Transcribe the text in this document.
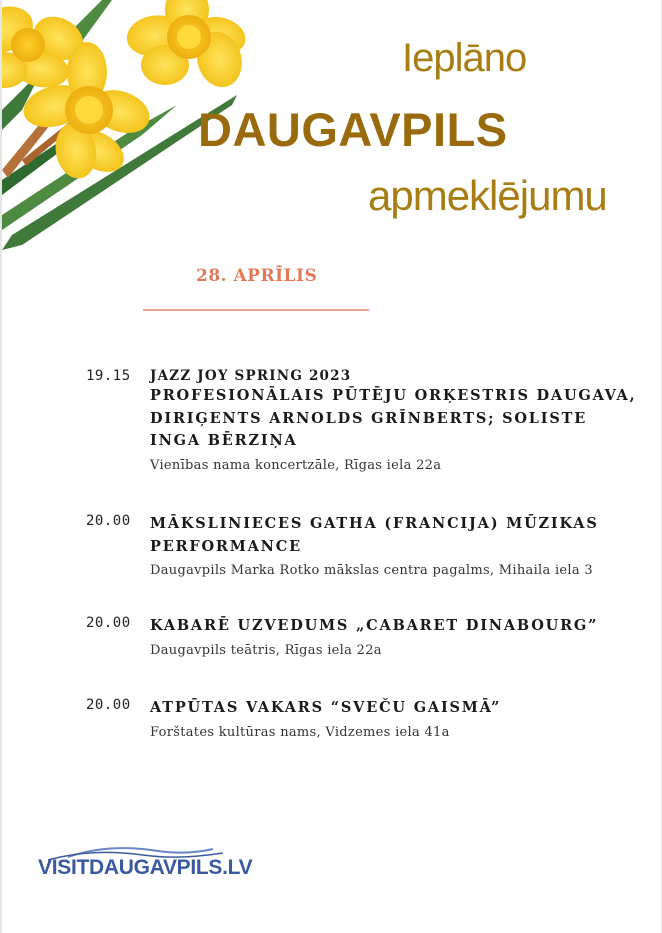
Ieplāno
DAUGAVPILS
apmeklējumu
28. APRĪLIS
19.15	JAZZ JOY SPRING 2023
PROFESIONĀLAIS PŪTĒJU ORĶESTRIS DAUGAVA, DIRIĢENTS ARNOLDS GRĪNBERTS; SOLISTE INGA BĒRZIŅA
Vienības nama koncertzāle, Rīgas iela 22a
20.00	MĀKSLINIECES GATHA (FRANCIJA) MŪZIKAS PERFORMANCE
Daugavpils Marka Rotko mākslas centra pagalms, Mihaila iela 3
20.00	KABARĒ UZVEDUMS „CABARET DINABOURG”
Daugavpils teātris, Rīgas iela 22a
20.00	ATPŪTAS VAKARS “SVEČU GAISMĀ”
Forštates kultūras nams, Vidzemes iela 41a
VISITDAUGAVPILS.LV
